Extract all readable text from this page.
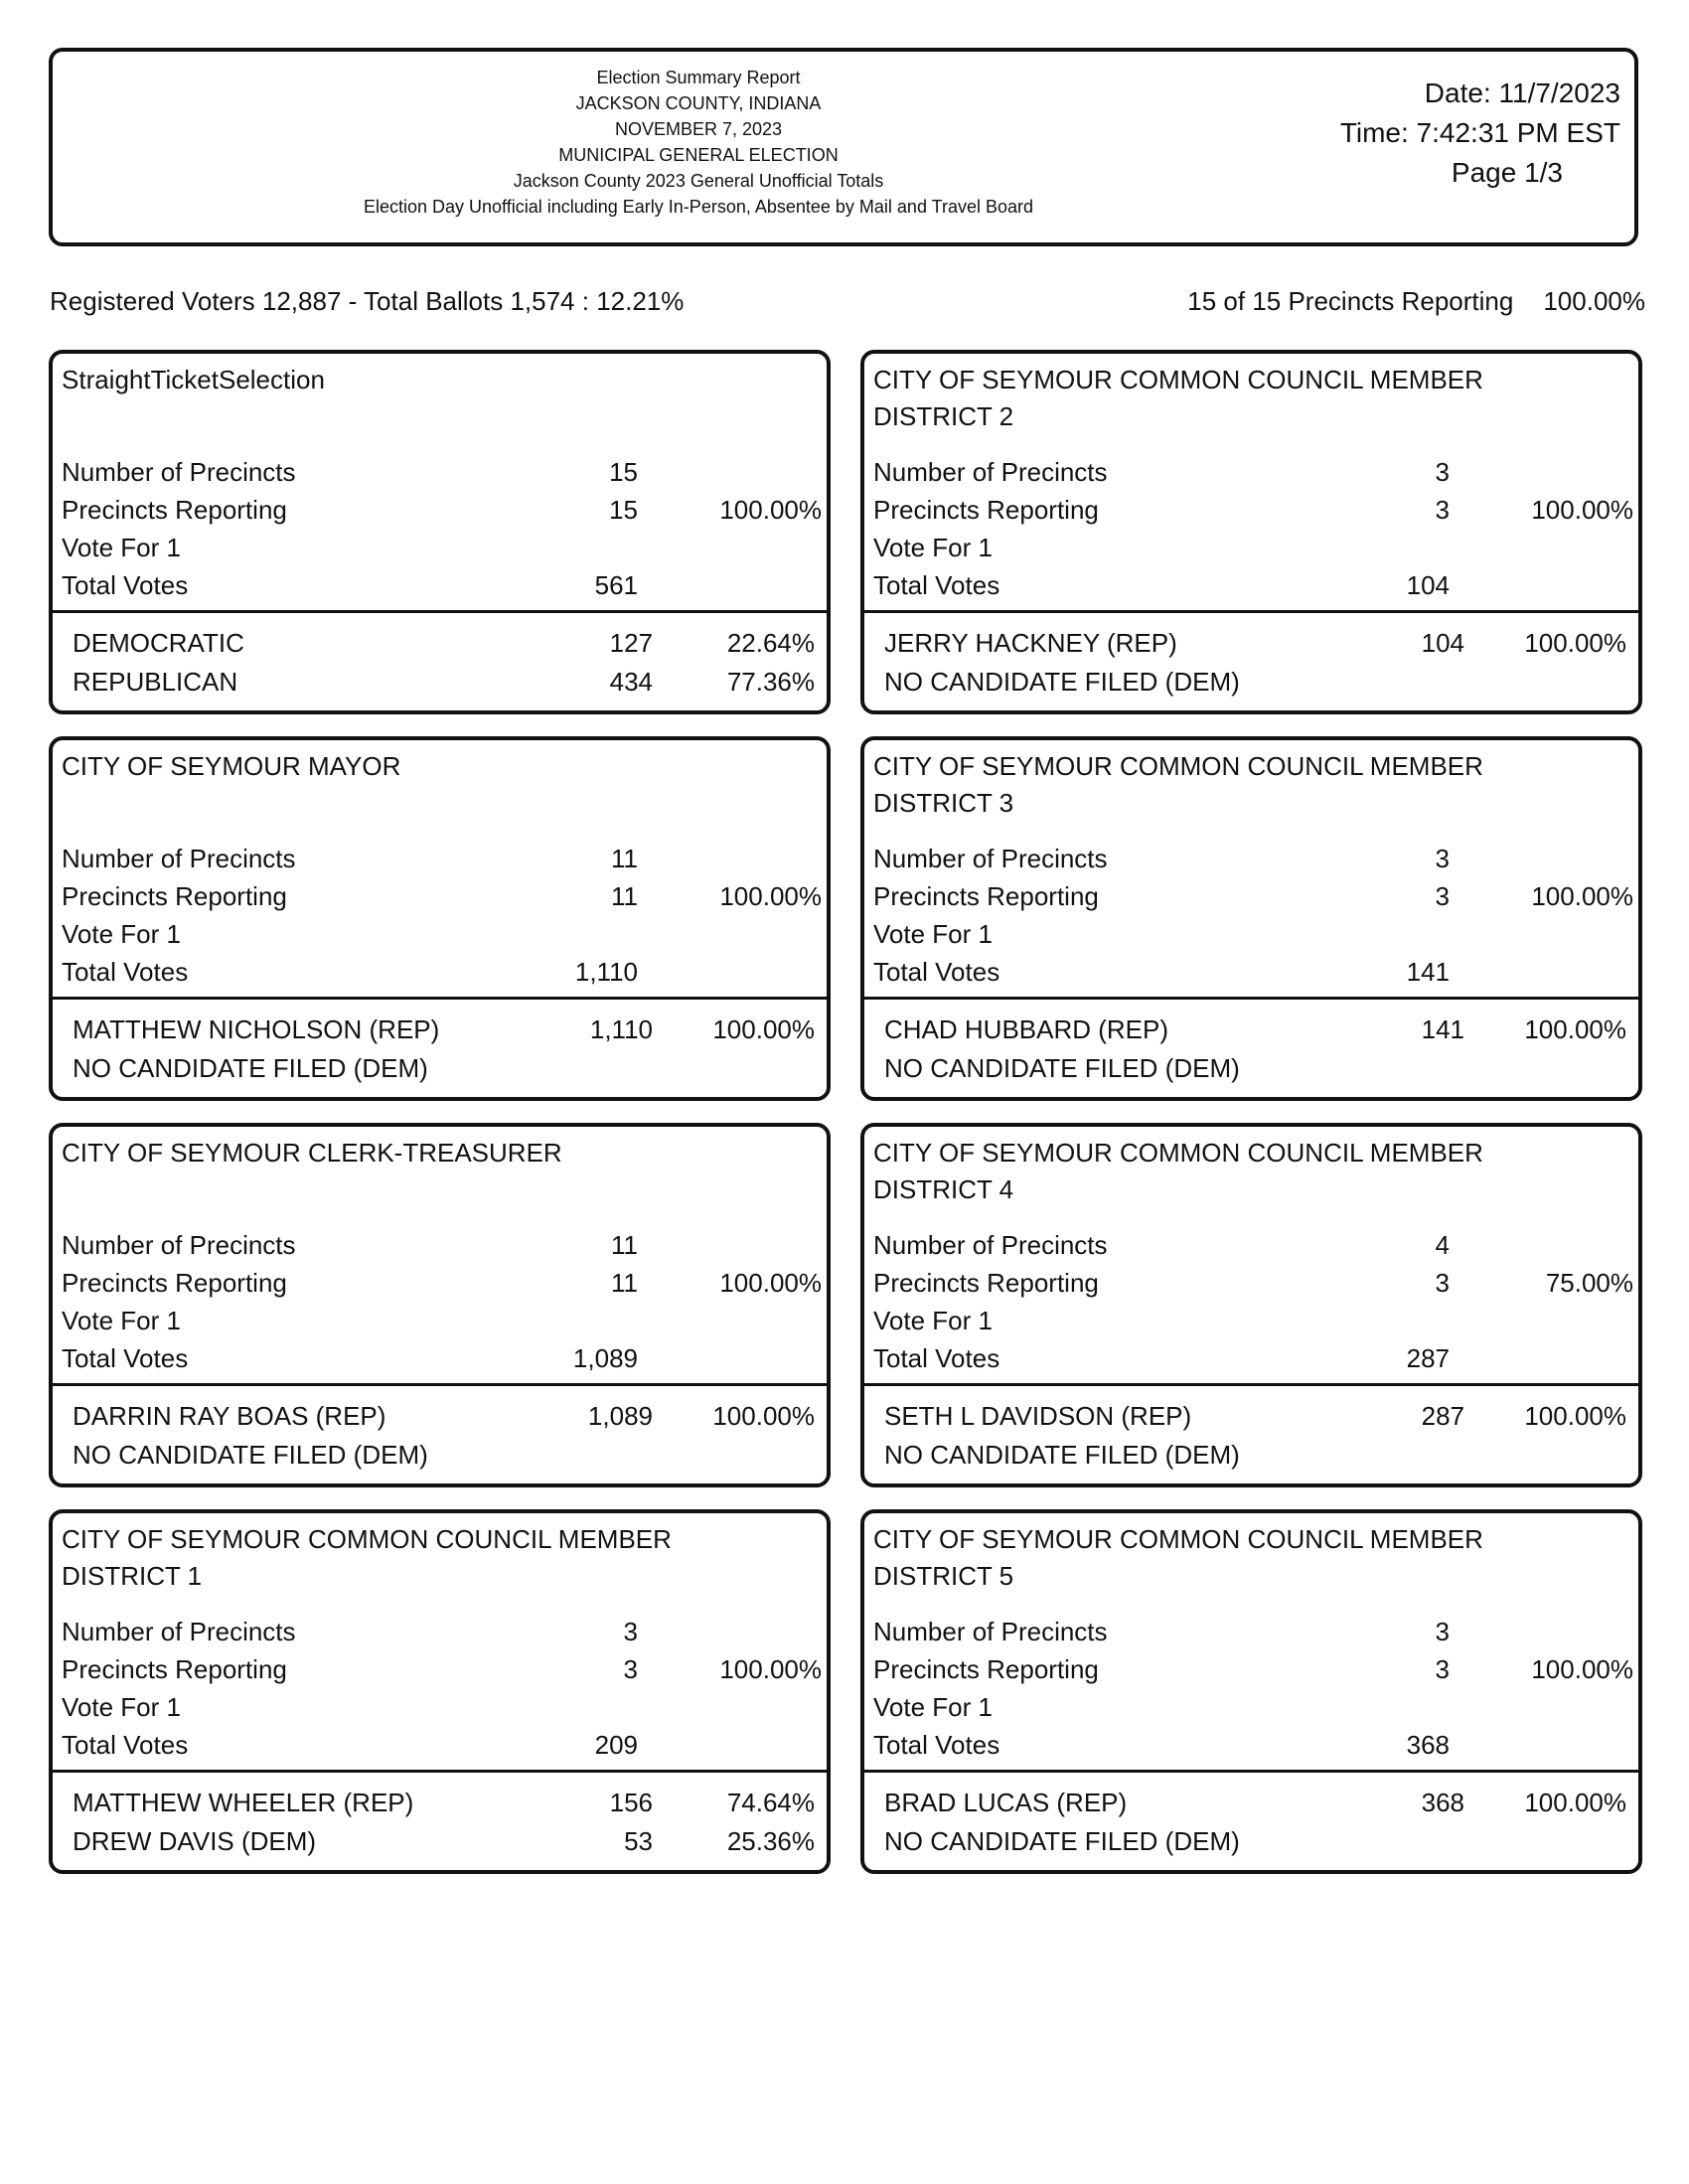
Election Summary Report
JACKSON COUNTY, INDIANA
NOVEMBER 7, 2023
MUNICIPAL GENERAL ELECTION
Jackson County 2023 General Unofficial Totals
Election Day Unofficial including Early In-Person, Absentee by Mail and Travel Board
Date: 11/7/2023
Time: 7:42:31 PM EST
Page 1/3
Registered Voters 12,887 - Total Ballots 1,574 : 12.21%	15 of 15 Precincts Reporting 100.00%
StraightTicketSelection
Number of Precincts	15
Precincts Reporting	15	100.00%
Vote For 1
Total Votes	561
DEMOCRATIC	127	22.64%
REPUBLICAN	434	77.36%
CITY OF SEYMOUR COMMON COUNCIL MEMBER DISTRICT 2
Number of Precincts	3
Precincts Reporting	3	100.00%
Vote For 1
Total Votes	104
JERRY HACKNEY (REP)	104 100.00%
NO CANDIDATE FILED (DEM)
CITY OF SEYMOUR MAYOR
Number of Precincts	11
Precincts Reporting	11	100.00%
Vote For 1
Total Votes	1,110
MATTHEW NICHOLSON (REP)	1,110 100.00%
NO CANDIDATE FILED (DEM)
CITY OF SEYMOUR COMMON COUNCIL MEMBER DISTRICT 3
Number of Precincts	3
Precincts Reporting	3	100.00%
Vote For 1
Total Votes	141
CHAD HUBBARD (REP)	141 100.00%
NO CANDIDATE FILED (DEM)
CITY OF SEYMOUR CLERK-TREASURER
Number of Precincts	11
Precincts Reporting	11	100.00%
Vote For 1
Total Votes	1,089
DARRIN RAY BOAS (REP)	1,089 100.00%
NO CANDIDATE FILED (DEM)
CITY OF SEYMOUR COMMON COUNCIL MEMBER DISTRICT 4
Number of Precincts	4
Precincts Reporting	3	75.00%
Vote For 1
Total Votes	287
SETH L DAVIDSON (REP)	287 100.00%
NO CANDIDATE FILED (DEM)
CITY OF SEYMOUR COMMON COUNCIL MEMBER DISTRICT 1
Number of Precincts	3
Precincts Reporting	3	100.00%
Vote For 1
Total Votes	209
MATTHEW WHEELER (REP)	156	74.64%
DREW DAVIS (DEM)	53	25.36%
CITY OF SEYMOUR COMMON COUNCIL MEMBER DISTRICT 5
Number of Precincts	3
Precincts Reporting	3	100.00%
Vote For 1
Total Votes	368
BRAD LUCAS (REP)	368 100.00%
NO CANDIDATE FILED (DEM)
